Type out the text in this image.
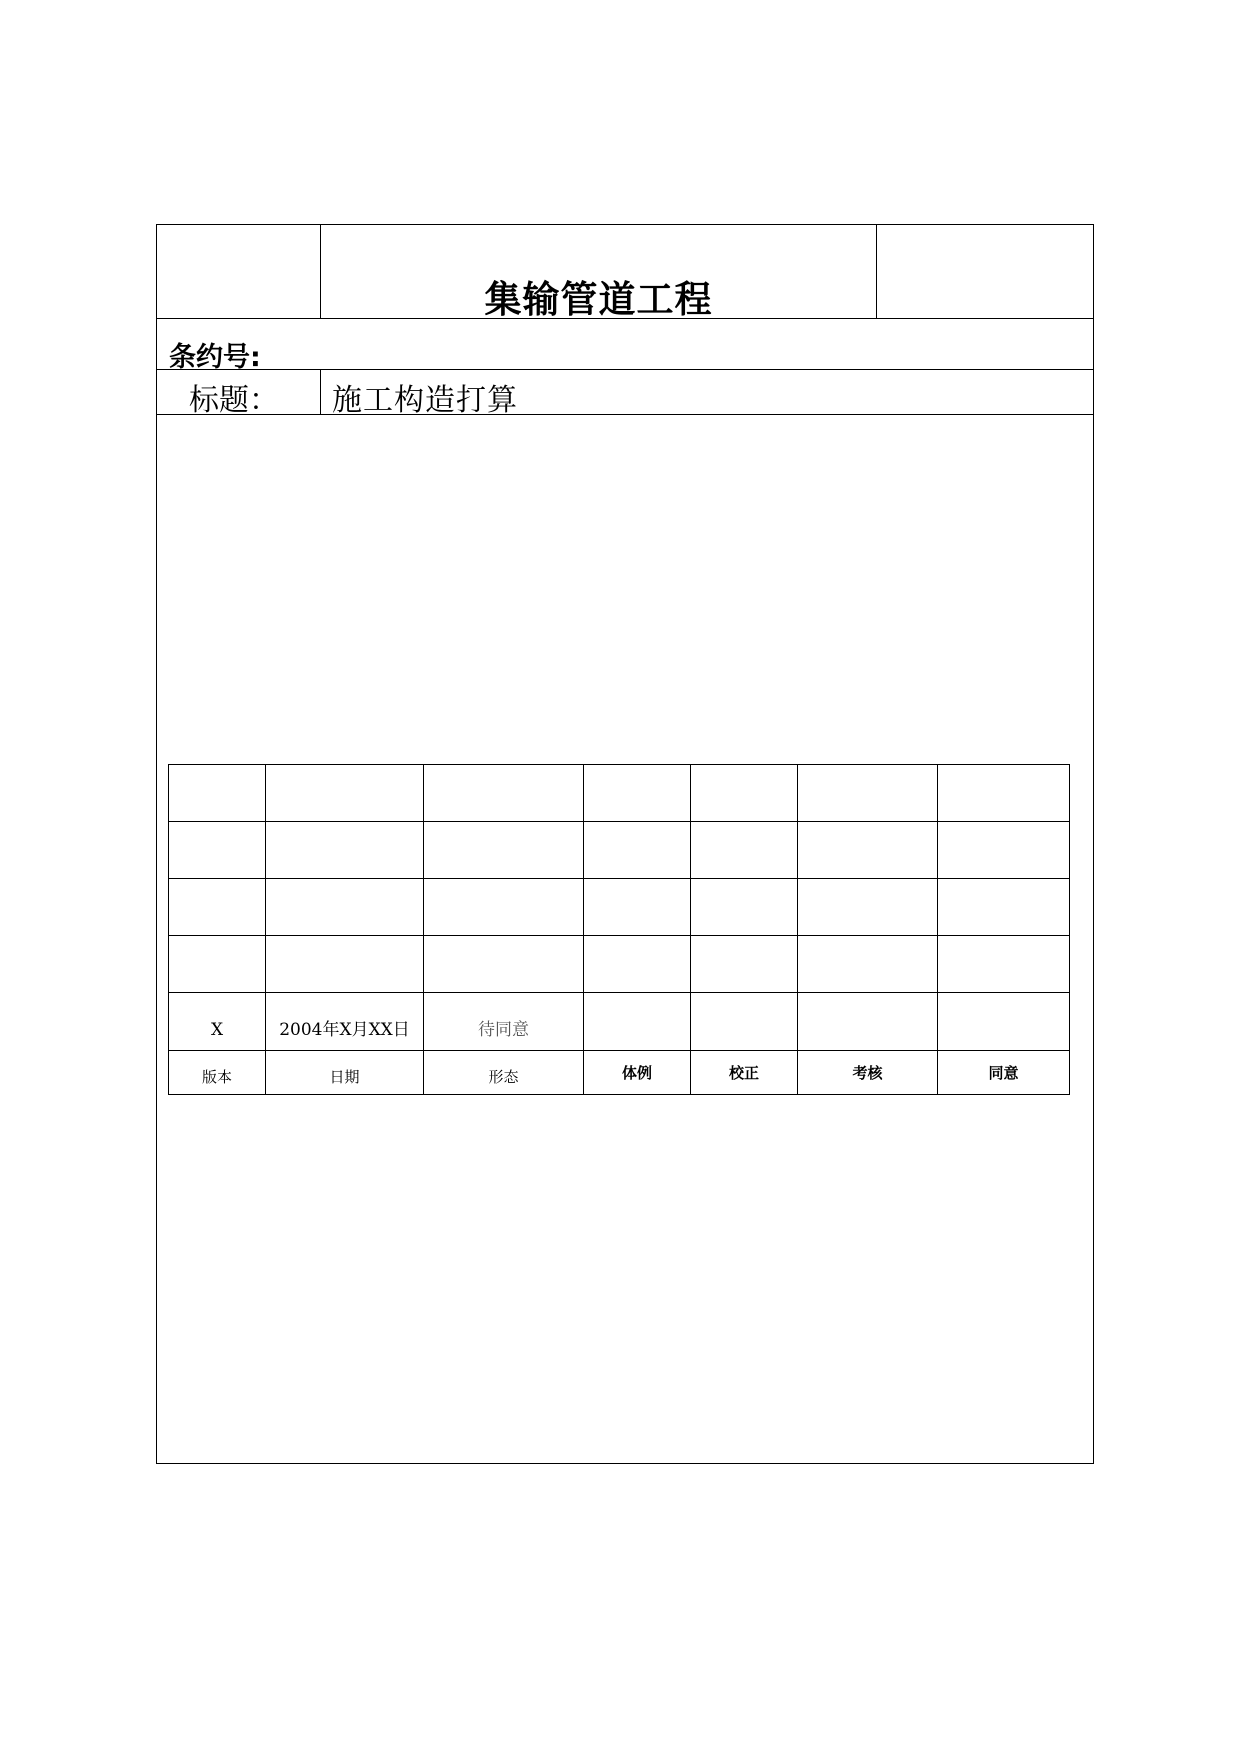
集输管道工程
条约号:
标题： 施工构造打算

X	2004年X月XX日	待同意				
版本	日期	形态	体例	校正	考核	同意
